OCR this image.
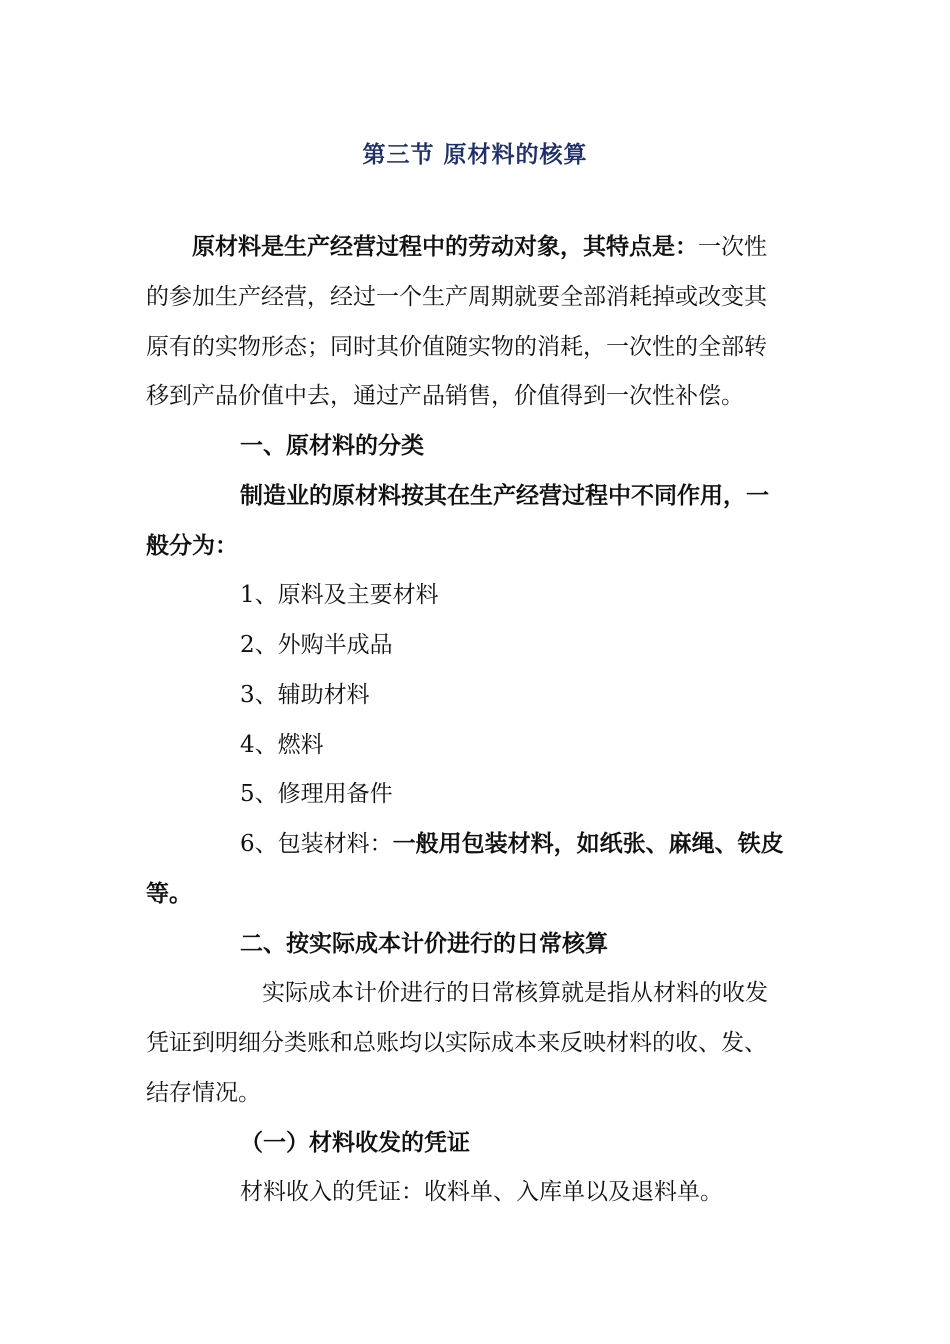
第三节 原材料的核算
原材料是生产经营过程中的劳动对象，其特点是：一次性
的参加生产经营，经过一个生产周期就要全部消耗掉或改变其
原有的实物形态；同时其价值随实物的消耗，一次性的全部转
移到产品价值中去，通过产品销售，价值得到一次性补偿。
一、原材料的分类
制造业的原材料按其在生产经营过程中不同作用，一
般分为：
1、原料及主要材料
2、外购半成品
3、辅助材料
4、燃料
5、修理用备件
6、包装材料：一般用包装材料，如纸张、麻绳、铁皮
等。
二、按实际成本计价进行的日常核算
实际成本计价进行的日常核算就是指从材料的收发
凭证到明细分类账和总账均以实际成本来反映材料的收、发、
结存情况。
（一）材料收发的凭证
材料收入的凭证：收料单、入库单以及退料单。
